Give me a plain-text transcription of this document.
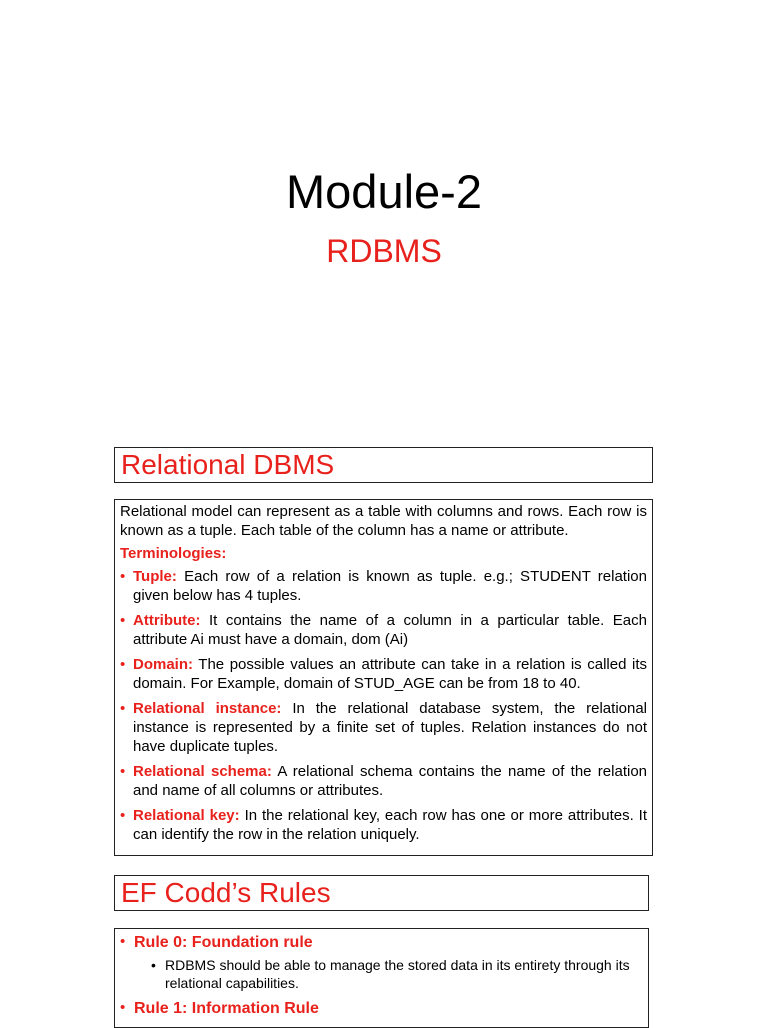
Module-2
RDBMS
Relational DBMS

Relational model can represent as a table with columns and rows. Each row is known as a tuple. Each table of the column has a name or attribute.

Terminologies:
• Tuple: Each row of a relation is known as tuple. e.g.; STUDENT relation given below has 4 tuples.
• Attribute: It contains the name of a column in a particular table. Each attribute Ai must have a domain, dom (Ai)
• Domain: The possible values an attribute can take in a relation is called its domain. For Example, domain of STUD_AGE can be from 18 to 40.
• Relational instance: In the relational database system, the relational instance is represented by a finite set of tuples. Relation instances do not have duplicate tuples.
• Relational schema: A relational schema contains the name of the relation and name of all columns or attributes.
• Relational key: In the relational key, each row has one or more attributes. It can identify the row in the relation uniquely.
EF Codd’s Rules
• Rule 0: Foundation rule
• RDBMS should be able to manage the stored data in its entirety through its relational capabilities.
• Rule 1: Information Rule
